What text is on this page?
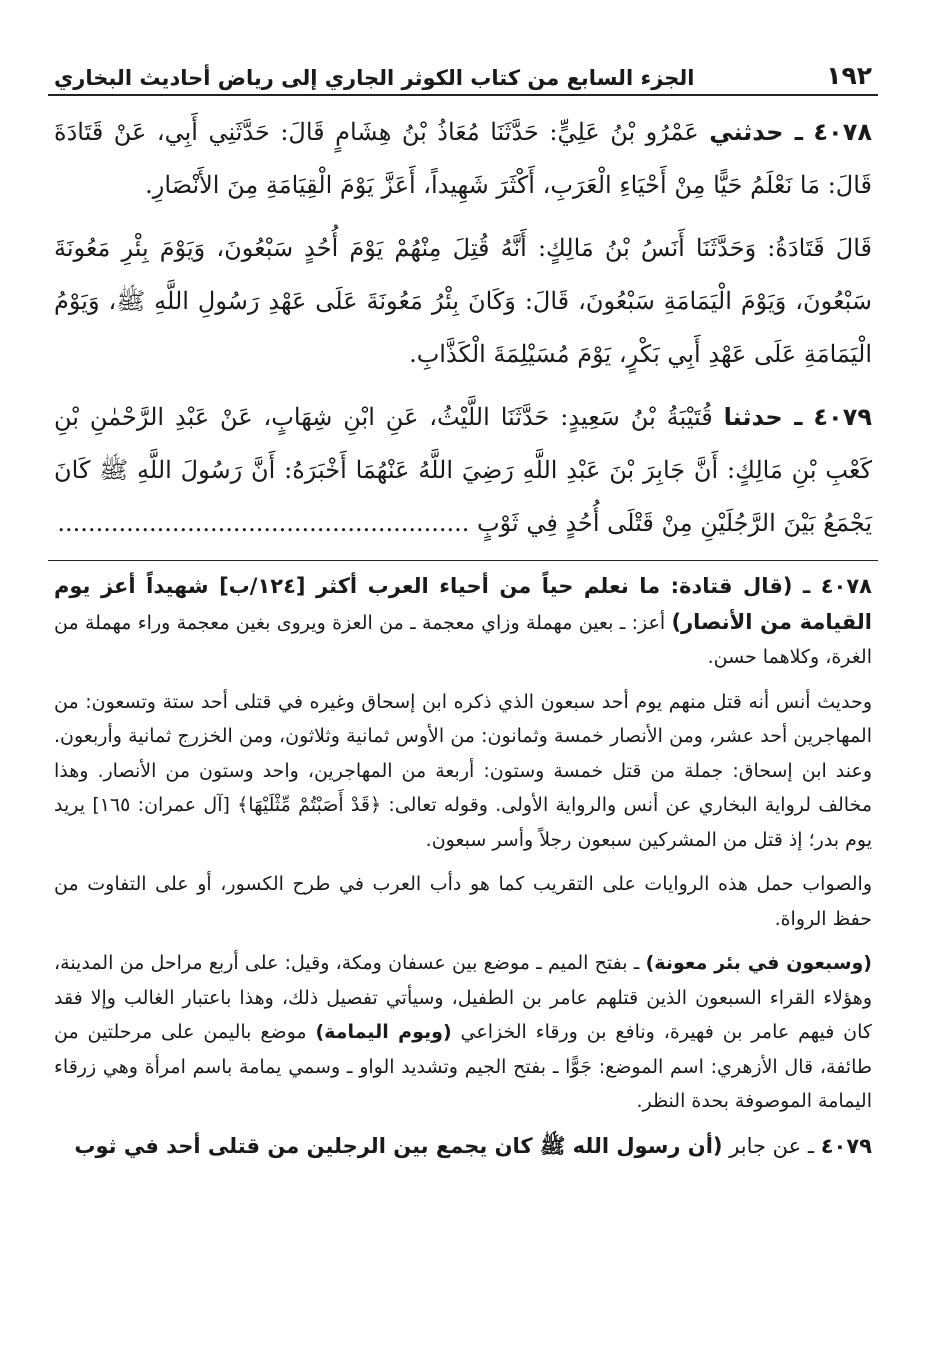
١٩٢
الجزء السابع من كتاب الكوثر الجاري إلى رياض أحاديث البخاري

٤٠٧٨ ـ حدثني عَمْرُو بْنُ عَلِيٍّ: حَدَّثَنَا مُعَاذُ بْنُ هِشَامٍ قَالَ: حَدَّثَنِي أَبِي، عَنْ قَتَادَةَ قَالَ: مَا نَعْلَمُ حَيًّا مِنْ أَحْيَاءِ الْعَرَبِ، أَكْثَرَ شَهِيداً، أَعَزَّ يَوْمَ الْقِيَامَةِ مِنَ الأَنْصَارِ.

قَالَ قَتَادَةُ: وَحَدَّثَنَا أَنَسُ بْنُ مَالِكٍ: أَنَّهُ قُتِلَ مِنْهُمْ يَوْمَ أُحُدٍ سَبْعُونَ، وَيَوْمَ بِئْرِ مَعُونَةَ سَبْعُونَ، وَيَوْمَ الْيَمَامَةِ سَبْعُونَ، قَالَ: وَكَانَ بِئْرُ مَعُونَةَ عَلَى عَهْدِ رَسُولِ اللَّهِ ﷺ، وَيَوْمُ الْيَمَامَةِ عَلَى عَهْدِ أَبِي بَكْرٍ، يَوْمَ مُسَيْلِمَةَ الْكَذَّابِ.

٤٠٧٩ ـ حدثنا قُتَيْبَةُ بْنُ سَعِيدٍ: حَدَّثَنَا اللَّيْثُ، عَنِ ابْنِ شِهَابٍ، عَنْ عَبْدِ الرَّحْمٰنِ بْنِ كَعْبِ بْنِ مَالِكٍ: أَنَّ جَابِرَ بْنَ عَبْدِ اللَّهِ رَضِيَ اللَّهُ عَنْهُمَا أَخْبَرَهُ: أَنَّ رَسُولَ اللَّهِ ﷺ كَانَ يَجْمَعُ بَيْنَ الرَّجُلَيْنِ مِنْ قَتْلَى أُحُدٍ فِي ثَوْبٍ ......................................................

٤٠٧٨ ـ (قال قتادة: ما نعلم حياً من أحياء العرب أكثر [١٢٤/ب] شهيداً أعز يوم القيامة من الأنصار) أعز: ـ بعين مهملة وزاي معجمة ـ من العزة ويروى بغين معجمة وراء مهملة من الغرة، وكلاهما حسن.

وحديث أنس أنه قتل منهم يوم أحد سبعون الذي ذكره ابن إسحاق وغيره في قتلى أحد ستة وتسعون: من المهاجرين أحد عشر، ومن الأنصار خمسة وثمانون: من الأوس ثمانية وثلاثون، ومن الخزرج ثمانية وأربعون. وعند ابن إسحاق: جملة من قتل خمسة وستون: أربعة من المهاجرين، واحد وستون من الأنصار. وهذا مخالف لرواية البخاري عن أنس والرواية الأولى. وقوله تعالى: ﴿قَدْ أَصَبْتُمْ مِّثْلَيْهَا﴾ [آل عمران: ١٦٥] يريد يوم بدر؛ إذ قتل من المشركين سبعون رجلاً وأسر سبعون.

والصواب حمل هذه الروايات على التقريب كما هو دأب العرب في طرح الكسور، أو على التفاوت من حفظ الرواة.

(وسبعون في بئر معونة) ـ بفتح الميم ـ موضع بين عسفان ومكة، وقيل: على أربع مراحل من المدينة، وهؤلاء القراء السبعون الذين قتلهم عامر بن الطفيل، وسيأتي تفصيل ذلك، وهذا باعتبار الغالب وإلا فقد كان فيهم عامر بن فهيرة، ونافع بن ورقاء الخزاعي (ويوم اليمامة) موضع باليمن على مرحلتين من طائفة، قال الأزهري: اسم الموضع: جَوًّا ـ بفتح الجيم وتشديد الواو ـ وسمي يمامة باسم امرأة وهي زرقاء اليمامة الموصوفة بحدة النظر.

٤٠٧٩ ـ عن جابر (أن رسول الله ﷺ كان يجمع بين الرجلين من قتلى أحد في ثوب
